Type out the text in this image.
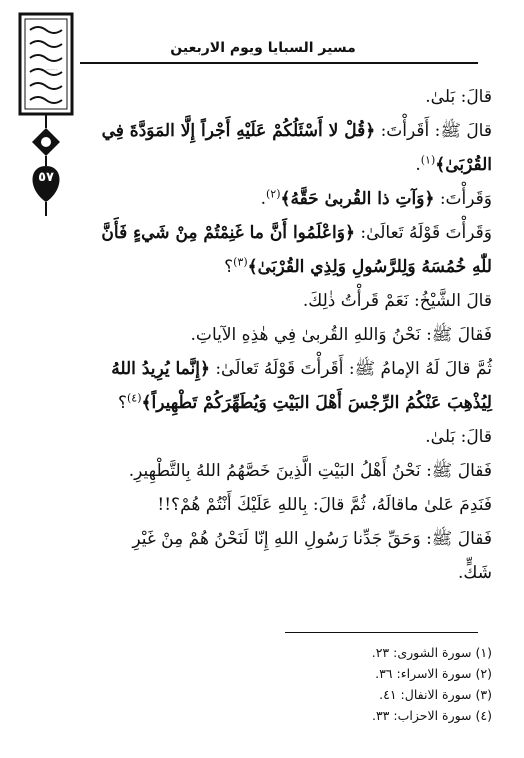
مسير السبايا ويوم الاربعين
في رحاب الحسين والعباس
٥٧

قالَ: بَلىٰ.

قالَ ﷺ: أَقَرأْتَ: ﴿قُلْ لا أَسْئَلُكُمْ عَلَيْهِ أَجْراً إِلَّا المَوَدَّةَ فِي القُرْبَىٰ﴾$^{(١)}$.

وَقَرأْتَ: ﴿وَآتِ ذا القُربىٰ حَقَّهُ﴾$^{(٢)}$.

وَقَرأْتَ قَوْلَهُ تَعالَىٰ: ﴿وَاعْلَمُوا أَنَّ ما غَنِمْتُمْ مِنْ شَيءٍ فَأَنَّ للّٰهِ خُمُسَهُ وَلِلرَّسُولِ وَلِذِي القُرْبَىٰ﴾$^{(٣)}$؟

قالَ الشَّيْخُ: نَعَمْ قَرأْتُ ذٰلِكَ.

فَقالَ ﷺ: نَحْنُ وَاللهِ القُربىٰ فِي هٰذِهِ الآياتِ.

ثُمَّ قالَ لَهُ الإمامُ ﷺ: أَقَرأْتَ قَوْلَهُ تَعالَىٰ: ﴿إِنَّما يُرِيدُ اللهُ لِيُذْهِبَ عَنْكُمُ الرِّجْسَ أَهْلَ البَيْتِ وَيُطَهِّرَكُمْ تَطْهِيراً﴾$^{(٤)}$؟

قالَ: بَلىٰ.

فَقالَ ﷺ: نَحْنُ أَهْلُ البَيْتِ الَّذِينَ خَصَّهُمُ اللهُ بِالتَّطْهِيرِ.

فَنَدِمَ عَلىٰ ماقالَهُ، ثُمَّ قالَ: بِاللهِ عَلَيْكَ أَنْتُمْ هُمْ؟!!

فَقالَ ﷺ: وَحَقِّ جَدِّنا رَسُولِ اللهِ إِنّا لَنَحْنُ هُمْ مِنْ غَيْرِ شَكٍّ.

(١) سورة الشورى: ٢٣.
(٢) سورة الاسراء: ٣٦.
(٣) سورة الانفال: ٤١.
(٤) سورة الاحزاب: ٣٣.
